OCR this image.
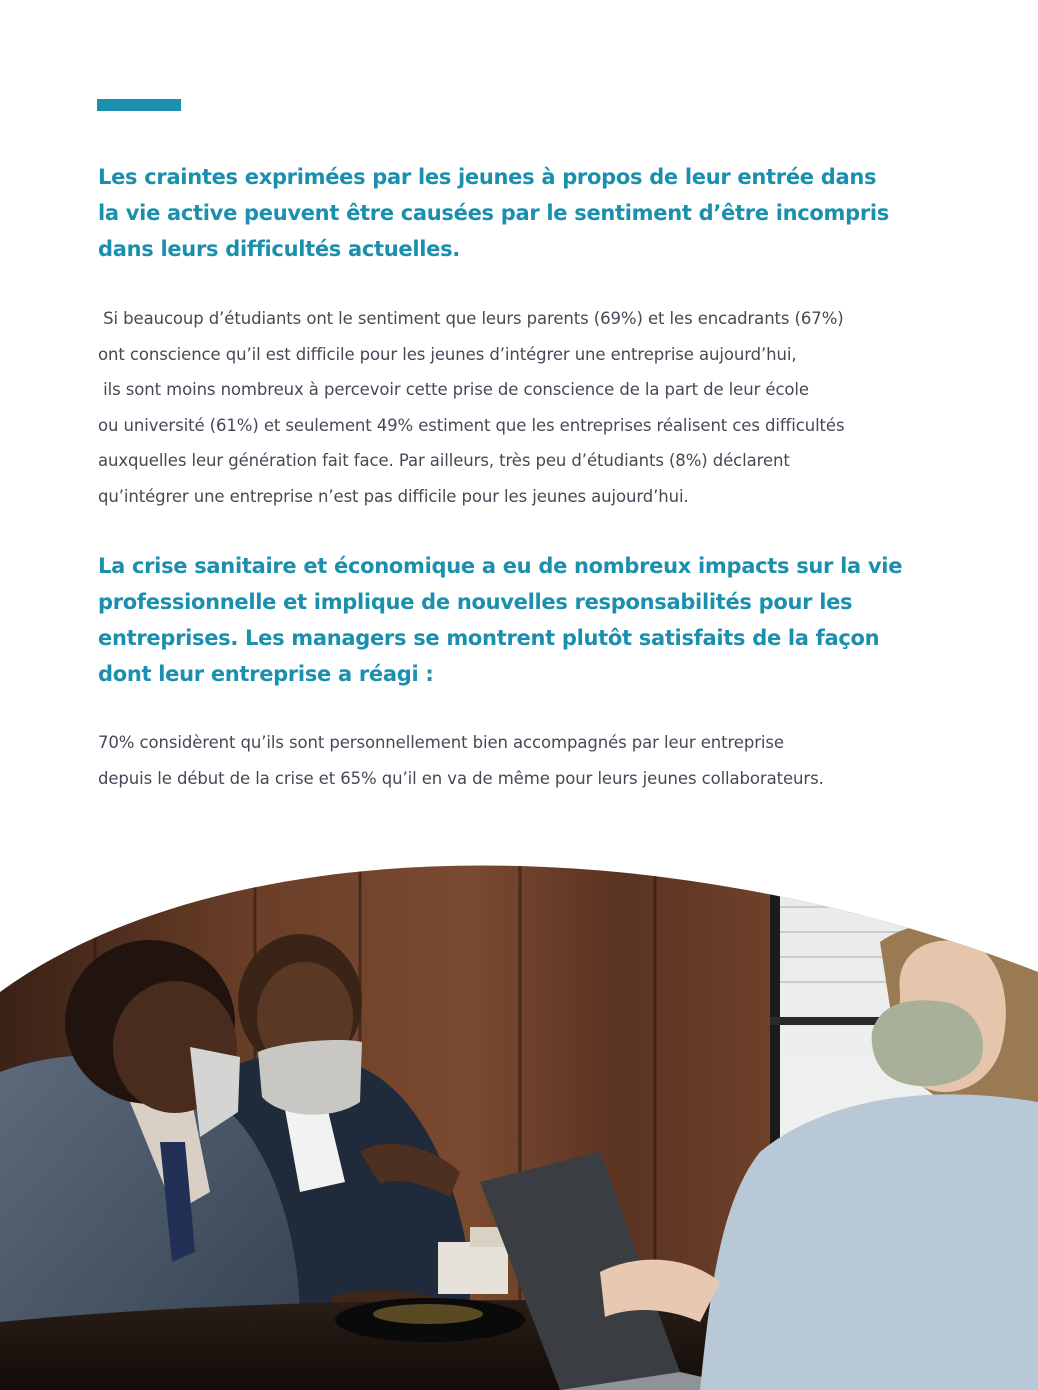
Les craintes exprimées par les jeunes à propos de leur entrée dans
la vie active peuvent être causées par le sentiment d’être incompris
dans leurs difficultés actuelles.
Si beaucoup d’étudiants ont le sentiment que leurs parents (69%) et les encadrants (67%)
ont conscience qu’il est difficile pour les jeunes d’intégrer une entreprise aujourd’hui,
ils sont moins nombreux à percevoir cette prise de conscience de la part de leur école
ou université (61%) et seulement 49% estiment que les entreprises réalisent ces difficultés
auxquelles leur génération fait face. Par ailleurs, très peu d’étudiants (8%) déclarent
qu’intégrer une entreprise n’est pas difficile pour les jeunes aujourd’hui.
La crise sanitaire et économique a eu de nombreux impacts sur la vie
professionnelle et implique de nouvelles responsabilités pour les
entreprises. Les managers se montrent plutôt satisfaits de la façon
dont leur entreprise a réagi :
70% considèrent qu’ils sont personnellement bien accompagnés par leur entreprise
depuis le début de la crise et 65% qu’il en va de même pour leurs jeunes collaborateurs.
